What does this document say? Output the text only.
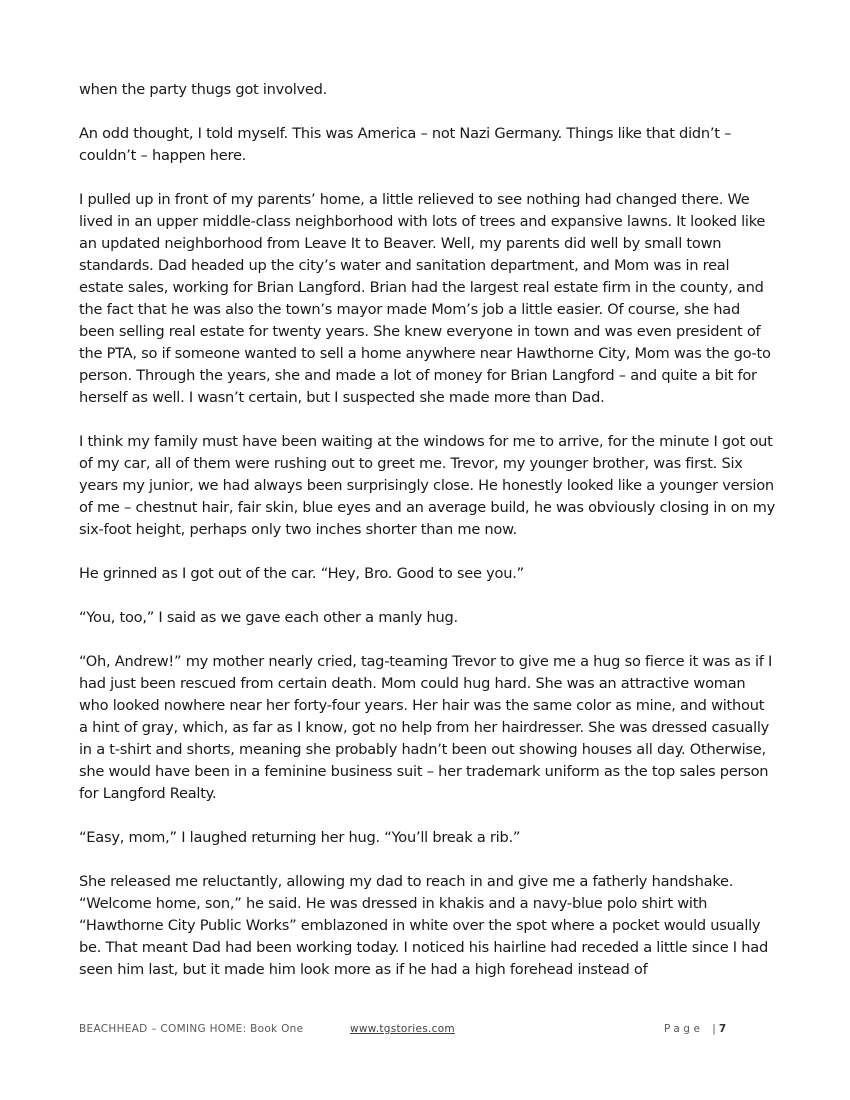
when the party thugs got involved.

An odd thought, I told myself. This was America – not Nazi Germany. Things like that didn’t – couldn’t – happen here.

I pulled up in front of my parents’ home, a little relieved to see nothing had changed there. We lived in an upper middle-class neighborhood with lots of trees and expansive lawns. It looked like an updated neighborhood from Leave It to Beaver. Well, my parents did well by small town standards. Dad headed up the city’s water and sanitation department, and Mom was in real estate sales, working for Brian Langford. Brian had the largest real estate firm in the county, and the fact that he was also the town’s mayor made Mom’s job a little easier. Of course, she had been selling real estate for twenty years. She knew everyone in town and was even president of the PTA, so if someone wanted to sell a home anywhere near Hawthorne City, Mom was the go-to person. Through the years, she and made a lot of money for Brian Langford – and quite a bit for herself as well. I wasn’t certain, but I suspected she made more than Dad.

I think my family must have been waiting at the windows for me to arrive, for the minute I got out of my car, all of them were rushing out to greet me. Trevor, my younger brother, was first. Six years my junior, we had always been surprisingly close. He honestly looked like a younger version of me – chestnut hair, fair skin, blue eyes and an average build, he was obviously closing in on my six-foot height, perhaps only two inches shorter than me now.

He grinned as I got out of the car. “Hey, Bro. Good to see you.”

“You, too,” I said as we gave each other a manly hug.

“Oh, Andrew!” my mother nearly cried, tag-teaming Trevor to give me a hug so fierce it was as if I had just been rescued from certain death. Mom could hug hard. She was an attractive woman who looked nowhere near her forty-four years. Her hair was the same color as mine, and without a hint of gray, which, as far as I know, got no help from her hairdresser. She was dressed casually in a t-shirt and shorts, meaning she probably hadn’t been out showing houses all day. Otherwise, she would have been in a feminine business suit – her trademark uniform as the top sales person for Langford Realty.

“Easy, mom,” I laughed returning her hug. “You’ll break a rib.”

She released me reluctantly, allowing my dad to reach in and give me a fatherly handshake. “Welcome home, son,” he said. He was dressed in khakis and a navy-blue polo shirt with “Hawthorne City Public Works” emblazoned in white over the spot where a pocket would usually be. That meant Dad had been working today. I noticed his hairline had receded a little since I had seen him last, but it made him look more as if he had a high forehead instead of

BEACHHEAD – COMING HOME: Book One	www.tgstories.com	Page | 7
